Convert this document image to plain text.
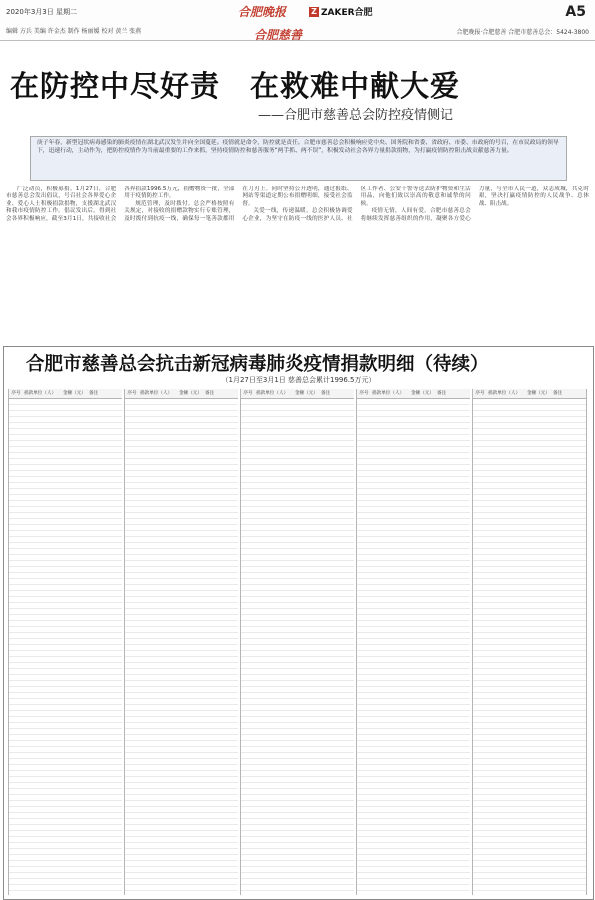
2020年3月3日 星期二	合肥晚报	Z ZAKER合肥	A5
编辑 方兵 美编 许金杰 制作 杨丽媛 校对 黄兰 张燕	合肥慈善	合肥晚报·合肥慈善 合肥市慈善总会：5424-3800
在防控中尽好责　在救难中献大爱
——合肥市慈善总会防控疫情侧记
庚子年春，新型冠状病毒感染的肺炎疫情在湖北武汉发生并向全国蔓延。疫情就是命令，防控就是责任。合肥市慈善总会积极响应党中央、国务院和省委、省政府、市委、市政府的号召，在市民政局的领导下，迅速行动，主动作为，把防控疫情作为当前最重要的工作来抓，坚持疫情防控和慈善服务“两手抓、两不误”，积极发动社会各界力量捐款捐物，为打赢疫情防控阻击战贡献慈善力量。

广泛动员，积极募捐。1月27日，合肥市慈善总会发出倡议，号召社会各界爱心企业、爱心人士积极捐款捐物，支援湖北武汉和我市疫情防控工作。倡议发出后，得到社会各界积极响应，截至3月1日，共接收社会各界捐款1996.5万元，捐赠物资一批，全部用于疫情防控工作。

规范管理，及时拨付。总会严格按照有关规定，对接收的捐赠款物实行专账管理，及时拨付到抗疫一线，确保每一笔善款都用在刀刃上。同时坚持公开透明，通过报纸、网站等渠道定期公布捐赠明细，接受社会监督。

关爱一线，传递温暖。总会积极协调爱心企业，为坚守在防疫一线的医护人员、社区工作者、公安干警等送去防护物资和生活用品，向他们致以崇高的敬意和诚挚的问候。

疫情无情，人间有爱。合肥市慈善总会将继续发挥慈善组织的作用，凝聚各方爱心力量，与全市人民一道，众志成城，共克时艰，坚决打赢疫情防控的人民战争、总体战、阻击战。

合肥市慈善总会抗击新冠病毒肺炎疫情捐款明细（待续）
（1月27日至3月1日 慈善总会累计1996.5万元）
序号 捐款单位（人）	金额（元） 备注	序号 捐款单位（人）	金额（元） 备注	序号 捐款单位（人）	金额（元） 备注	序号 捐款单位（人）	金额（元） 备注	序号 捐款单位（人）	金额（元） 备注
